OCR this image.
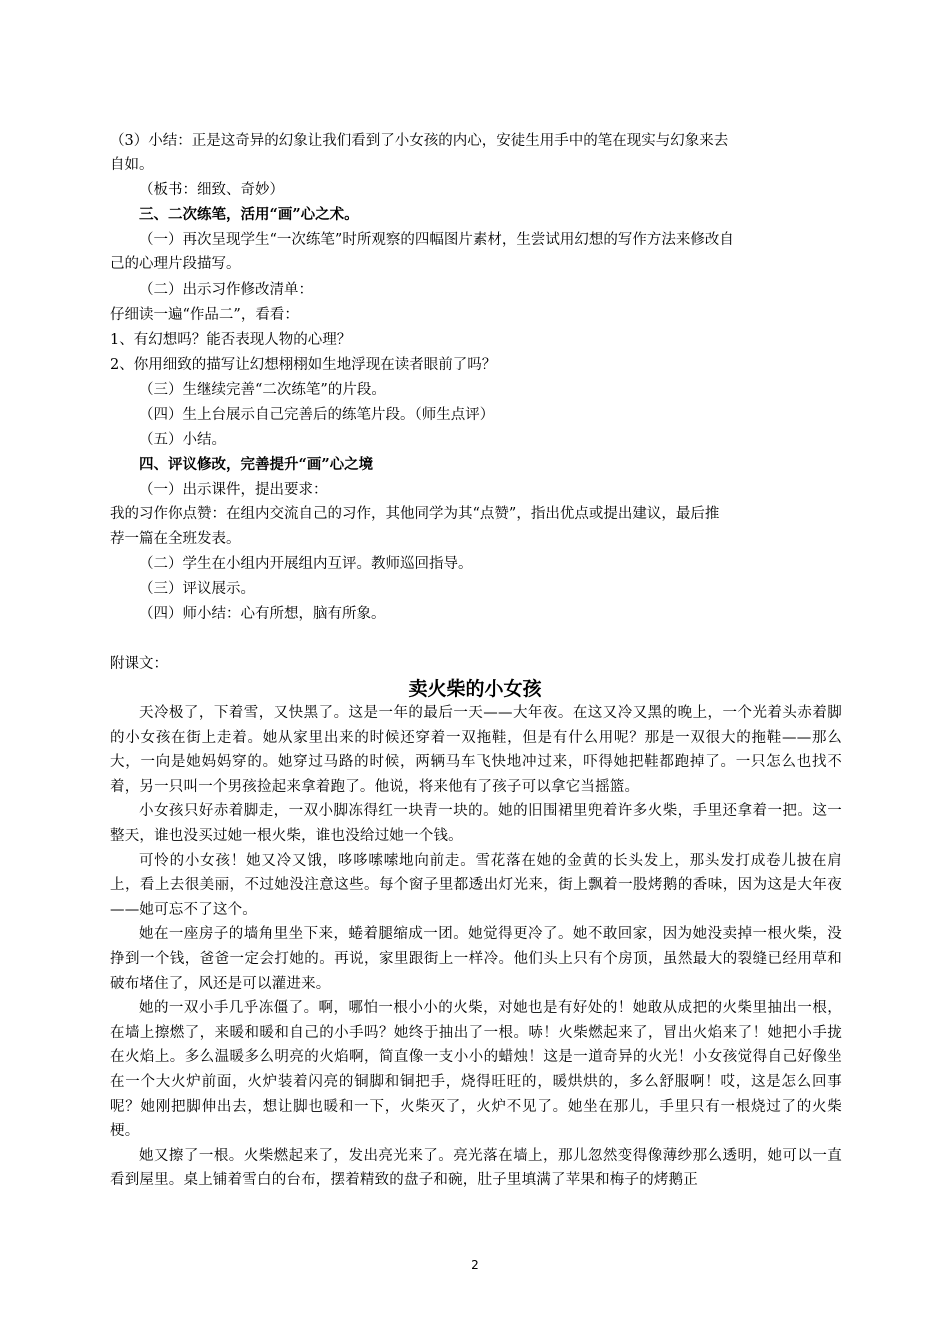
（3）小结：正是这奇异的幻象让我们看到了小女孩的内心，安徒生用手中的笔在现实与幻象来去
自如。
（板书：细致、奇妙）
三、二次练笔，活用“画”心之术。
（一）再次呈现学生“一次练笔”时所观察的四幅图片素材，生尝试用幻想的写作方法来修改自
己的心理片段描写。
（二）出示习作修改清单：
仔细读一遍“作品二”，看看：
1、有幻想吗？能否表现人物的心理？
2、你用细致的描写让幻想栩栩如生地浮现在读者眼前了吗？
（三）生继续完善“二次练笔”的片段。
（四）生上台展示自己完善后的练笔片段。（师生点评）
（五）小结。
四、评议修改，完善提升“画”心之境
（一）出示课件，提出要求：
我的习作你点赞：在组内交流自己的习作，其他同学为其“点赞”，指出优点或提出建议，最后推
荐一篇在全班发表。
（二）学生在小组内开展组内互评。教师巡回指导。
（三）评议展示。
（四）师小结：心有所想，脑有所象。
附课文：
卖火柴的小女孩

天冷极了，下着雪，又快黑了。这是一年的最后一天——大年夜。在这又冷又黑的晚上，一个光着头赤着脚的小女孩在街上走着。她从家里出来的时候还穿着一双拖鞋，但是有什么用呢？那是一双很大的拖鞋——那么大，一向是她妈妈穿的。她穿过马路的时候，两辆马车飞快地冲过来，吓得她把鞋都跑掉了。一只怎么也找不着，另一只叫一个男孩捡起来拿着跑了。他说，将来他有了孩子可以拿它当摇篮。

小女孩只好赤着脚走，一双小脚冻得红一块青一块的。她的旧围裙里兜着许多火柴，手里还拿着一把。这一整天，谁也没买过她一根火柴，谁也没给过她一个钱。

可怜的小女孩！她又冷又饿，哆哆嗦嗦地向前走。雪花落在她的金黄的长头发上，那头发打成卷儿披在肩上，看上去很美丽，不过她没注意这些。每个窗子里都透出灯光来，街上飘着一股烤鹅的香味，因为这是大年夜——她可忘不了这个。

她在一座房子的墙角里坐下来，蜷着腿缩成一团。她觉得更冷了。她不敢回家，因为她没卖掉一根火柴，没挣到一个钱，爸爸一定会打她的。再说，家里跟街上一样冷。他们头上只有个房顶，虽然最大的裂缝已经用草和破布堵住了，风还是可以灌进来。

她的一双小手几乎冻僵了。啊，哪怕一根小小的火柴，对她也是有好处的！她敢从成把的火柴里抽出一根，在墙上擦燃了，来暖和暖和自己的小手吗？她终于抽出了一根。哧！火柴燃起来了，冒出火焰来了！她把小手拢在火焰上。多么温暖多么明亮的火焰啊，简直像一支小小的蜡烛！这是一道奇异的火光！小女孩觉得自己好像坐在一个大火炉前面，火炉装着闪亮的铜脚和铜把手，烧得旺旺的，暖烘烘的，多么舒服啊！哎，这是怎么回事呢？她刚把脚伸出去，想让脚也暖和一下，火柴灭了，火炉不见了。她坐在那儿，手里只有一根烧过了的火柴梗。

她又擦了一根。火柴燃起来了，发出亮光来了。亮光落在墙上，那儿忽然变得像薄纱那么透明，她可以一直看到屋里。桌上铺着雪白的台布，摆着精致的盘子和碗，肚子里填满了苹果和梅子的烤鹅正

2
